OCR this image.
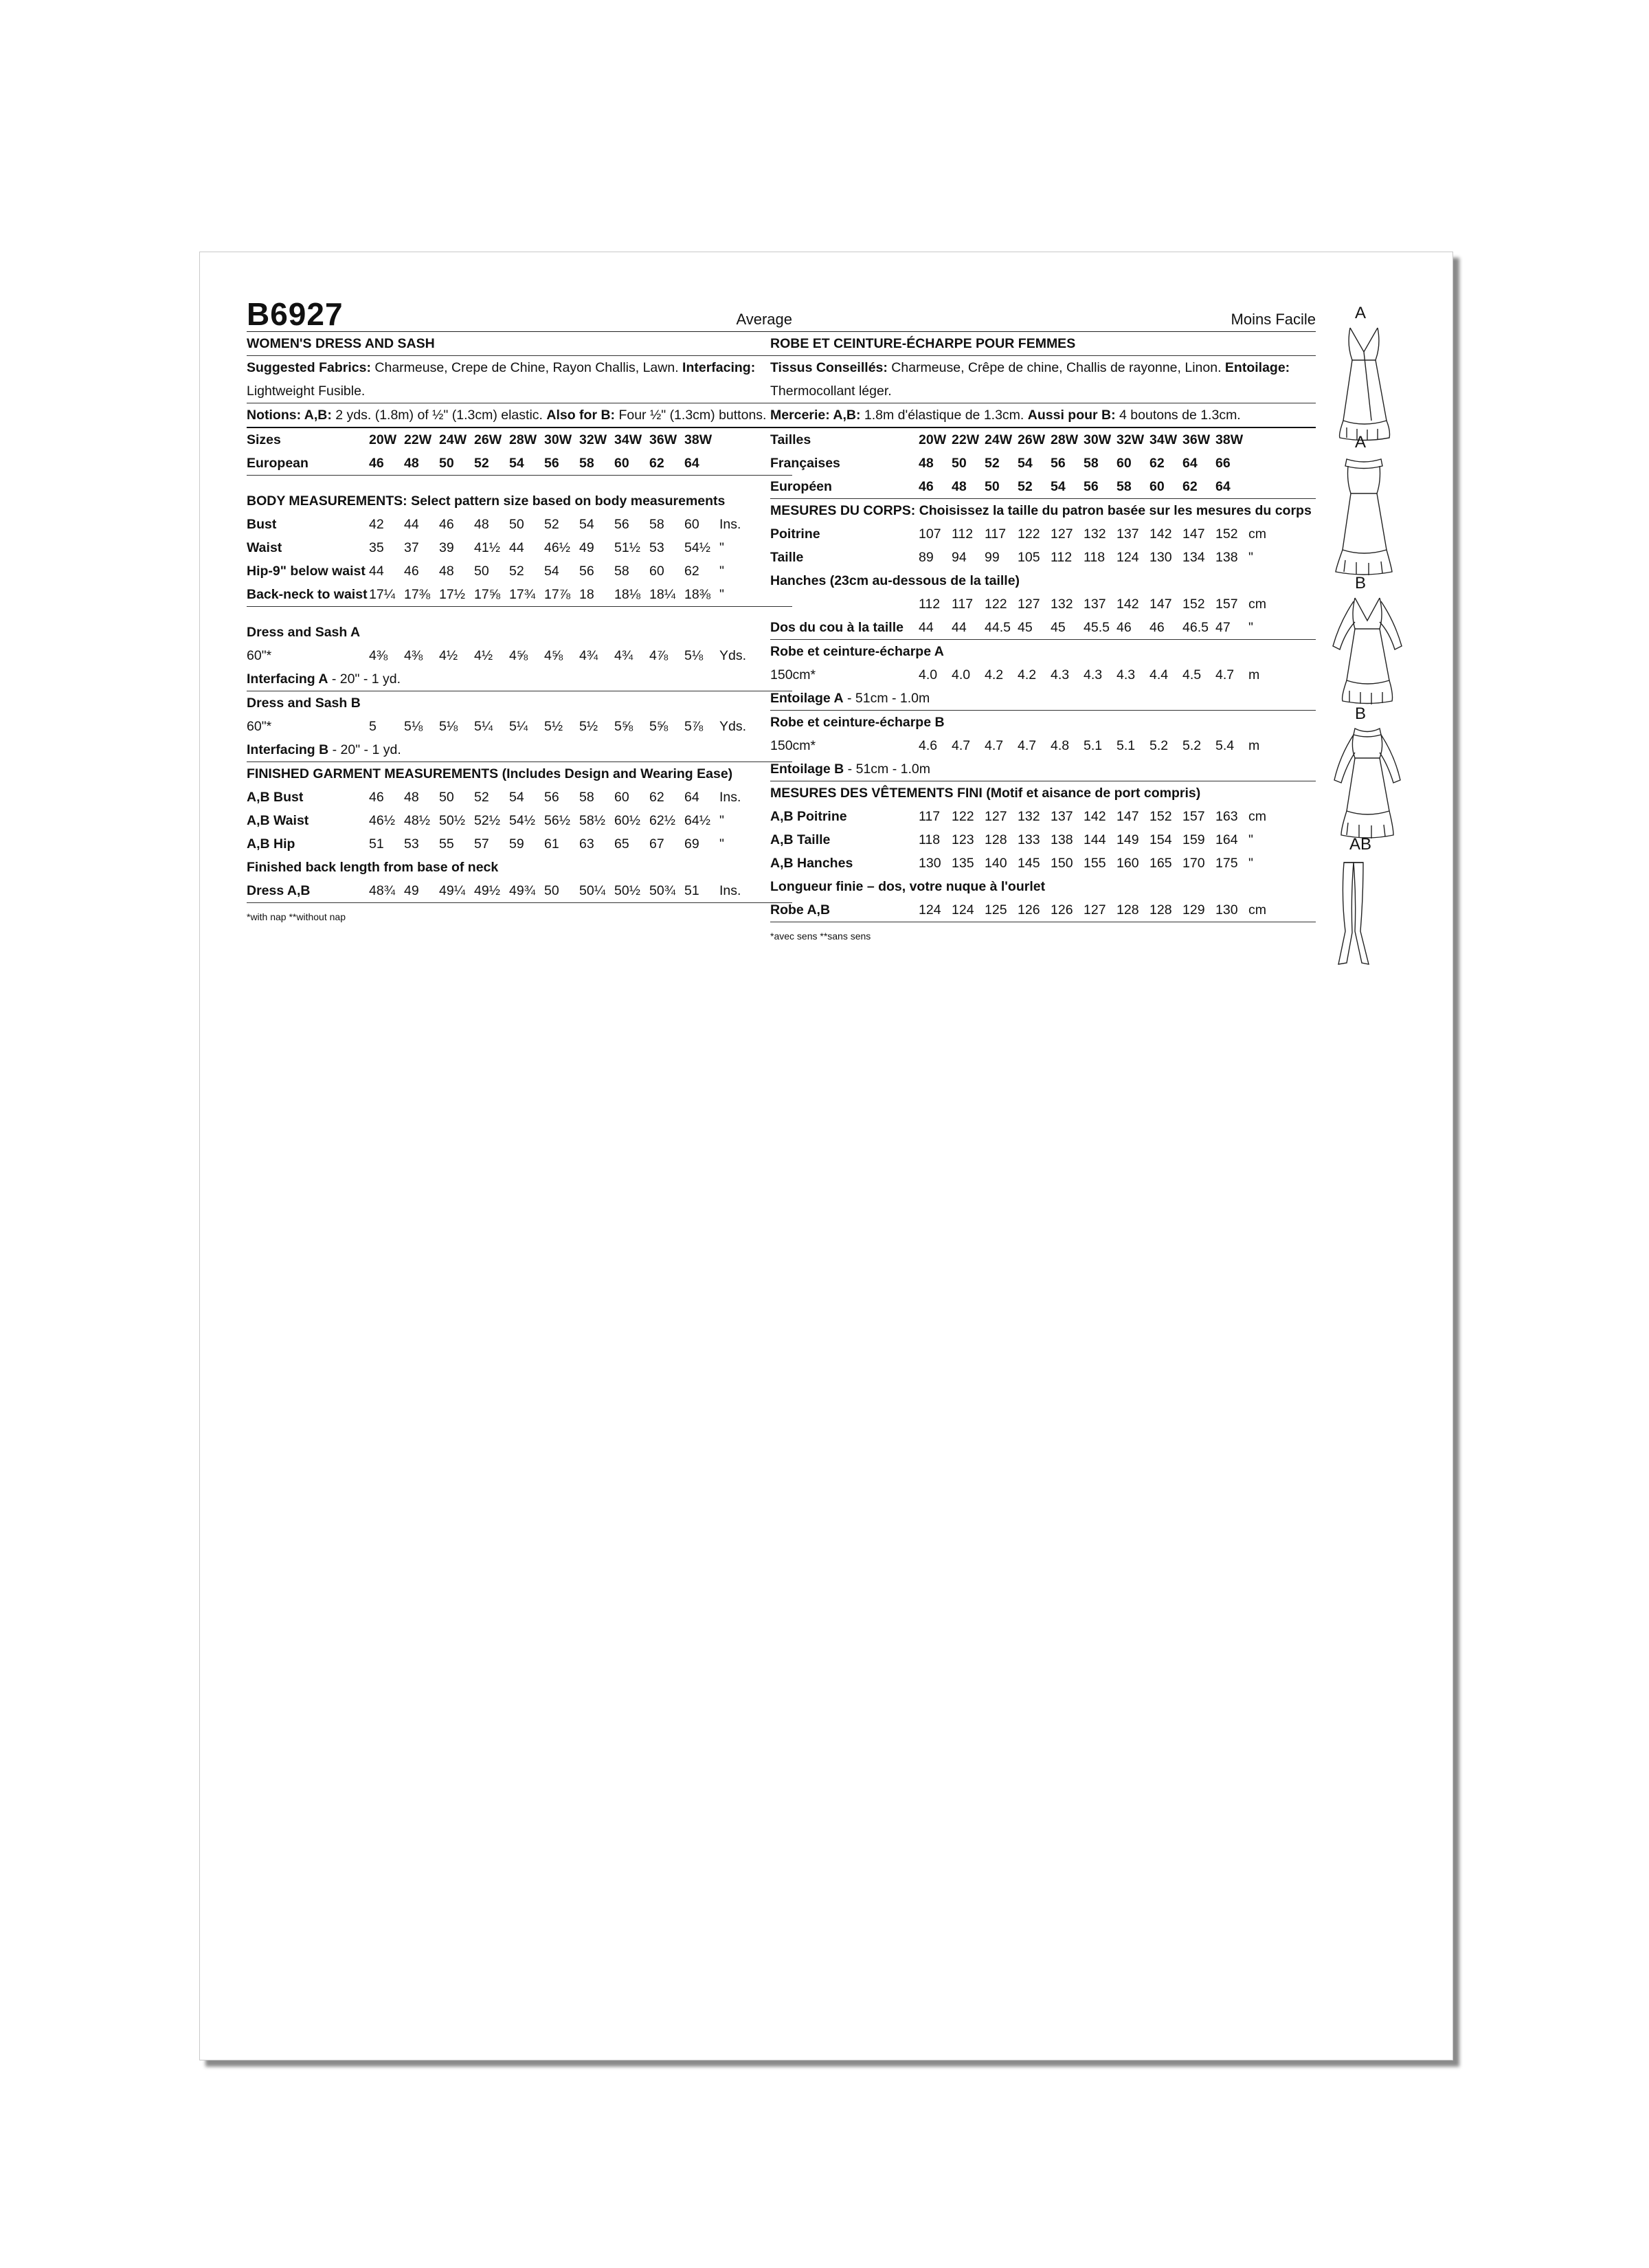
B6927	Average
WOMEN'S DRESS AND SASH
Suggested Fabrics: Charmeuse, Crepe de Chine, Rayon Challis, Lawn. Interfacing:
Lightweight Fusible.
Notions: A,B: 2 yds. (1.8m) of ½" (1.3cm) elastic. Also for B: Four ½" (1.3cm) buttons.
Sizes	20W 22W 24W 26W 28W 30W 32W 34W 36W 38W
European	46	48	50	52	54	56	58	60	62	64
BODY MEASUREMENTS: Select pattern size based on body measurements
Bust	42	44	46	48	50	52	54	56	58	60	Ins.
Waist	35	37	39	41½ 44	46½ 49	51½ 53	54½ "
Hip-9" below waist 44	46	48	50	52	54	56	58	60	62	"
Back-neck to waist 17¼ 17⅜ 17½ 17⅝ 17¾ 17⅞ 18	18⅛ 18¼ 18⅜ "
Dress and Sash A
60"*	4⅜	4⅜	4½	4½	4⅝	4⅝	4¾	4¾	4⅞	5⅛	Yds.
Interfacing A - 20" - 1 yd.
Dress and Sash B
60"*	5	5⅛	5⅛	5¼	5¼	5½	5½	5⅝	5⅝	5⅞	Yds.
Interfacing B - 20" - 1 yd.
FINISHED GARMENT MEASUREMENTS (Includes Design and Wearing Ease)
A,B Bust	46	48	50	52	54	56	58	60	62	64	Ins.
A,B Waist	46½ 48½ 50½ 52½ 54½ 56½ 58½ 60½ 62½ 64½ "
A,B Hip	51	53	55	57	59	61	63	65	67	69	"
Finished back length from base of neck
Dress A,B	48¾ 49	49¼ 49½ 49¾ 50	50¼ 50½ 50¾ 51	Ins.
*with nap **without nap
Moins Facile
ROBE ET CEINTURE-ÉCHARPE POUR FEMMES
Tissus Conseillés: Charmeuse, Crêpe de chine, Challis de rayonne, Linon. Entoilage:
Thermocollant léger.
Mercerie: A,B: 1.8m d'élastique de 1.3cm. Aussi pour B: 4 boutons de 1.3cm.
Tailles	20W 22W 24W 26W 28W 30W 32W 34W 36W 38W
Françaises	48	50	52	54	56	58	60	62	64	66
Européen	46	48	50	52	54	56	58	60	62	64
MESURES DU CORPS: Choisissez la taille du patron basée sur les mesures du corps
Poitrine	107 112 117 122 127 132 137 142 147 152 cm
Taille	89	94	99	105 112 118 124 130 134 138 "
Hanches (23cm au-dessous de la taille)
112 117 122 127 132 137 142 147 152 157 cm
Dos du cou à la taille	44	44	44.5 45	45	45.5 46	46	46.5 47	"
Robe et ceinture-écharpe A
150cm*	4.0	4.0	4.2	4.2	4.3	4.3	4.3	4.4	4.5	4.7	m
Entoilage A - 51cm - 1.0m
Robe et ceinture-écharpe B
150cm*	4.6	4.7	4.7	4.7	4.8	5.1	5.1	5.2	5.2	5.4	m
Entoilage B - 51cm - 1.0m
MESURES DES VÊTEMENTS FINI (Motif et aisance de port compris)
A,B Poitrine	117 122 127 132 137 142 147 152 157 163 cm
A,B Taille	118 123 128 133 138 144 149 154 159 164 "
A,B Hanches	130 135 140 145 150 155 160 165 170 175 "
Longueur finie – dos, votre nuque à l'ourlet
Robe A,B	124 124 125 126 126 127 128 128 129 130 cm
*avec sens **sans sens
A
A
B
B
AB
